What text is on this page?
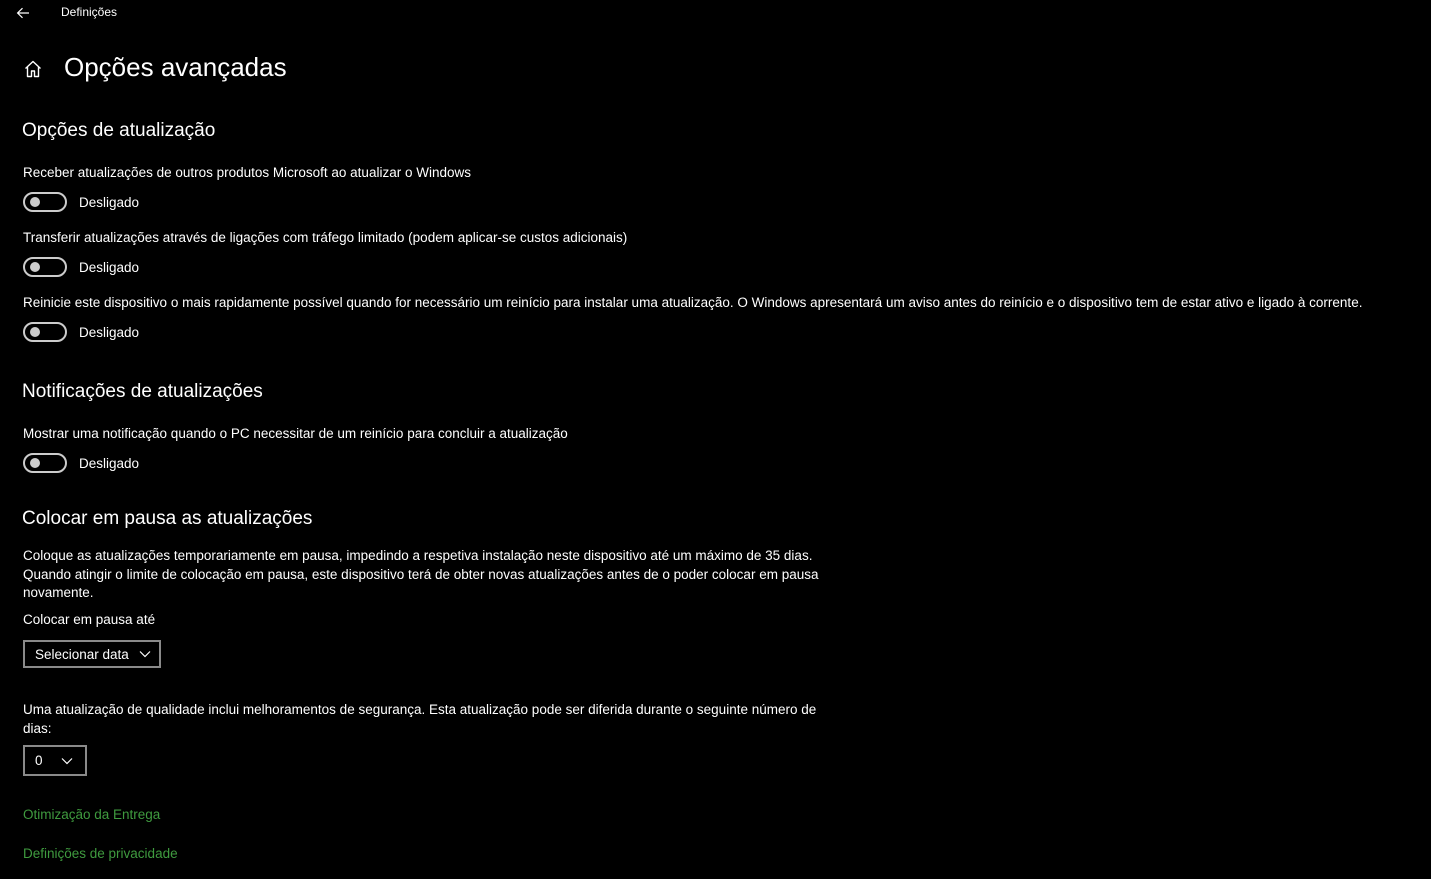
Definições
Opções avançadas
Opções de atualização
Receber atualizações de outros produtos Microsoft ao atualizar o Windows
Desligado
Transferir atualizações através de ligações com tráfego limitado (podem aplicar-se custos adicionais)
Desligado
Reinicie este dispositivo o mais rapidamente possível quando for necessário um reinício para instalar uma atualização. O Windows apresentará um aviso antes do reinício e o dispositivo tem de estar ativo e ligado à corrente.
Desligado
Notificações de atualizações
Mostrar uma notificação quando o PC necessitar de um reinício para concluir a atualização
Desligado
Colocar em pausa as atualizações
Coloque as atualizações temporariamente em pausa, impedindo a respetiva instalação neste dispositivo até um máximo de 35 dias. Quando atingir o limite de colocação em pausa, este dispositivo terá de obter novas atualizações antes de o poder colocar em pausa novamente.
Colocar em pausa até
Selecionar data
Uma atualização de qualidade inclui melhoramentos de segurança. Esta atualização pode ser diferida durante o seguinte número de dias:
0
Otimização da Entrega
Definições de privacidade
